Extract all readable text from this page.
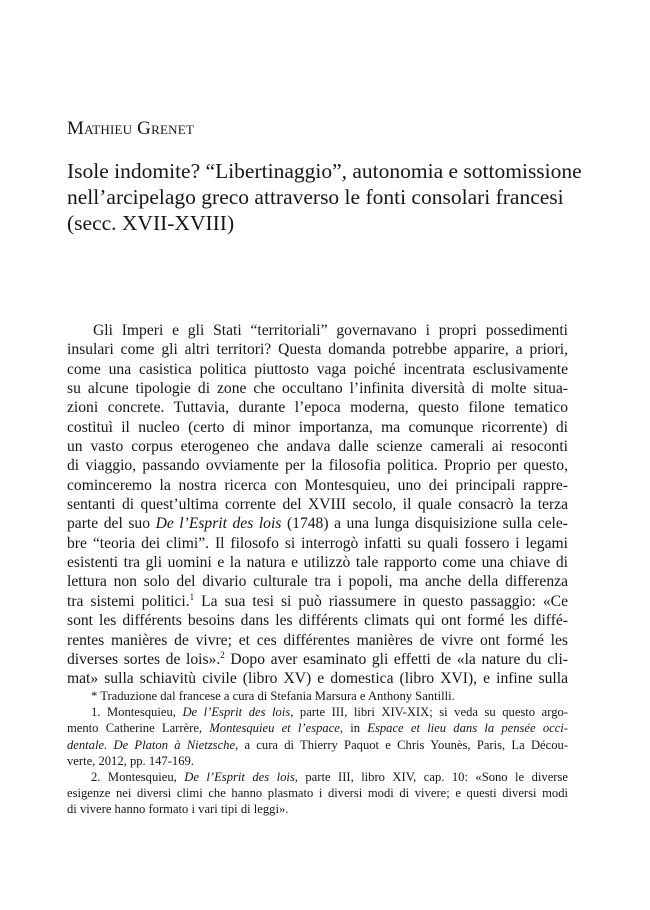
Mathieu Grenet
Isole indomite? “Libertinaggio”, autonomia e sottomissione
nell’arcipelago greco attraverso le fonti consolari francesi
(secc. XVII-XVIII)
Gli Imperi e gli Stati “territoriali” governavano i propri possedimenti
insulari come gli altri territori? Questa domanda potrebbe apparire, a priori,
come una casistica politica piuttosto vaga poiché incentrata esclusivamente
su alcune tipologie di zone che occultano l’infinita diversità di molte situa-
zioni concrete. Tuttavia, durante l’epoca moderna, questo filone tematico
costituì il nucleo (certo di minor importanza, ma comunque ricorrente) di
un vasto corpus eterogeneo che andava dalle scienze camerali ai resoconti
di viaggio, passando ovviamente per la filosofia politica. Proprio per questo,
cominceremo la nostra ricerca con Montesquieu, uno dei principali rappre-
sentanti di quest’ultima corrente del XVIII secolo, il quale consacrò la terza
parte del suo De l’Esprit des lois (1748) a una lunga disquisizione sulla cele-
bre “teoria dei climi”. Il filosofo si interrogò infatti su quali fossero i legami
esistenti tra gli uomini e la natura e utilizzò tale rapporto come una chiave di
lettura non solo del divario culturale tra i popoli, ma anche della differenza
tra sistemi politici.$^1$ La sua tesi si può riassumere in questo passaggio: «Ce
sont les différents besoins dans les différents climats qui ont formé les diffé-
rentes manières de vivre; et ces différentes manières de vivre ont formé les
diverses sortes de lois».$^2$ Dopo aver esaminato gli effetti de «la nature du cli-
mat» sulla schiavitù civile (libro XV) e domestica (libro XVI), e infine sulla
* Traduzione dal francese a cura di Stefania Marsura e Anthony Santilli.
1. Montesquieu, De l’Esprit des lois, parte III, libri XIV-XIX; si veda su questo argo-
mento Catherine Larrère, Montesquieu et l’espace, in Espace et lieu dans la pensée occi-
dentale. De Platon à Nietzsche, a cura di Thierry Paquot e Chris Younès, Paris, La Décou-
verte, 2012, pp. 147-169.
2. Montesquieu, De l’Esprit des lois, parte III, libro XIV, cap. 10: «Sono le diverse
esigenze nei diversi climi che hanno plasmato i diversi modi di vivere; e questi diversi modi
di vivere hanno formato i vari tipi di leggi».
